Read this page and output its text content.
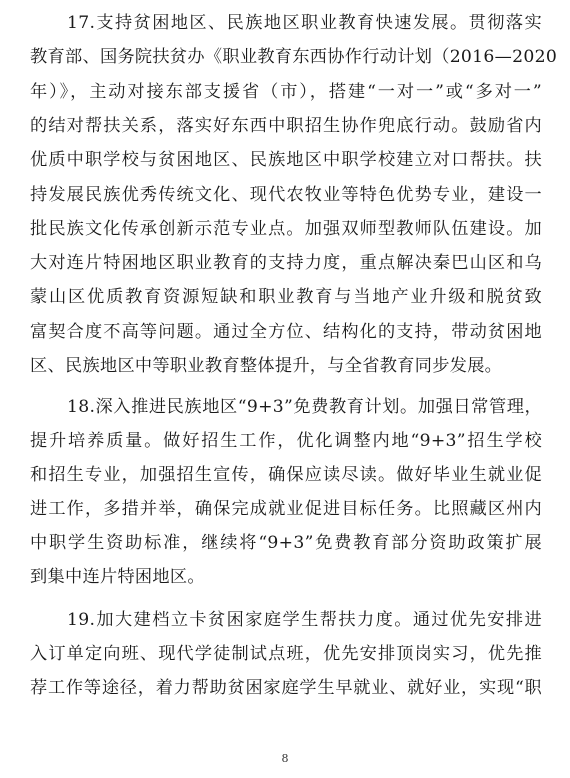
17.支持贫困地区、民族地区职业教育快速发展。贯彻落实
教育部、国务院扶贫办《职业教育东西协作行动计划（2016—2020
年）》，主动对接东部支援省（市），搭建“一对一”或“多对一”
的结对帮扶关系，落实好东西中职招生协作兜底行动。鼓励省内
优质中职学校与贫困地区、民族地区中职学校建立对口帮扶。扶
持发展民族优秀传统文化、现代农牧业等特色优势专业，建设一
批民族文化传承创新示范专业点。加强双师型教师队伍建设。加
大对连片特困地区职业教育的支持力度，重点解决秦巴山区和乌
蒙山区优质教育资源短缺和职业教育与当地产业升级和脱贫致
富契合度不高等问题。通过全方位、结构化的支持，带动贫困地
区、民族地区中等职业教育整体提升，与全省教育同步发展。
18.深入推进民族地区“9+3”免费教育计划。加强日常管理，
提升培养质量。做好招生工作，优化调整内地“9+3”招生学校
和招生专业，加强招生宣传，确保应读尽读。做好毕业生就业促
进工作，多措并举，确保完成就业促进目标任务。比照藏区州内
中职学生资助标准，继续将“9+3”免费教育部分资助政策扩展
到集中连片特困地区。
19.加大建档立卡贫困家庭学生帮扶力度。通过优先安排进
入订单定向班、现代学徒制试点班，优先安排顶岗实习，优先推
荐工作等途径，着力帮助贫困家庭学生早就业、就好业，实现“职
8
